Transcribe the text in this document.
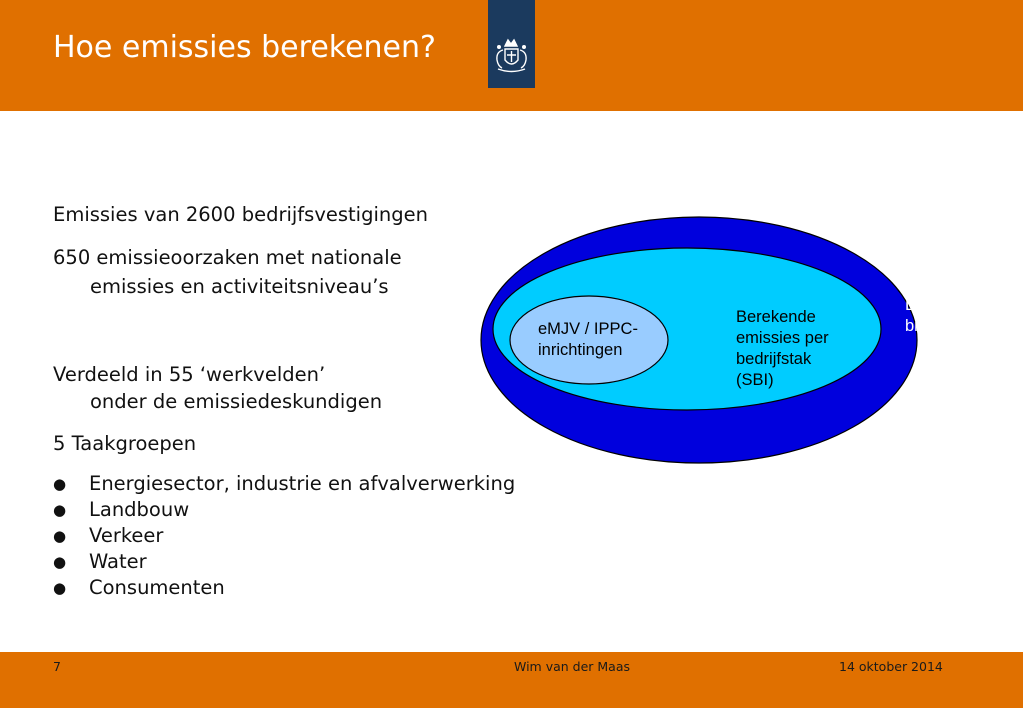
Hoe emissies berekenen?
Emissies van 2600 bedrijfsvestigingen
650 emissieoorzaken met nationale
emissies en activiteitsniveau’s
Verdeeld in 55 ‘werkvelden’
onder de emissiedeskundigen
5 Taakgroepen
●	Energiesector, industrie en afvalverwerking
●	Landbouw
●	Verkeer
●	Water
●	Consumenten
Diffuse
bronnen
Berekende
emissies per
bedrijfstak
(SBI)
eMJV / IPPC-
inrichtingen
7	Wim van der Maas	14 oktober 2014
